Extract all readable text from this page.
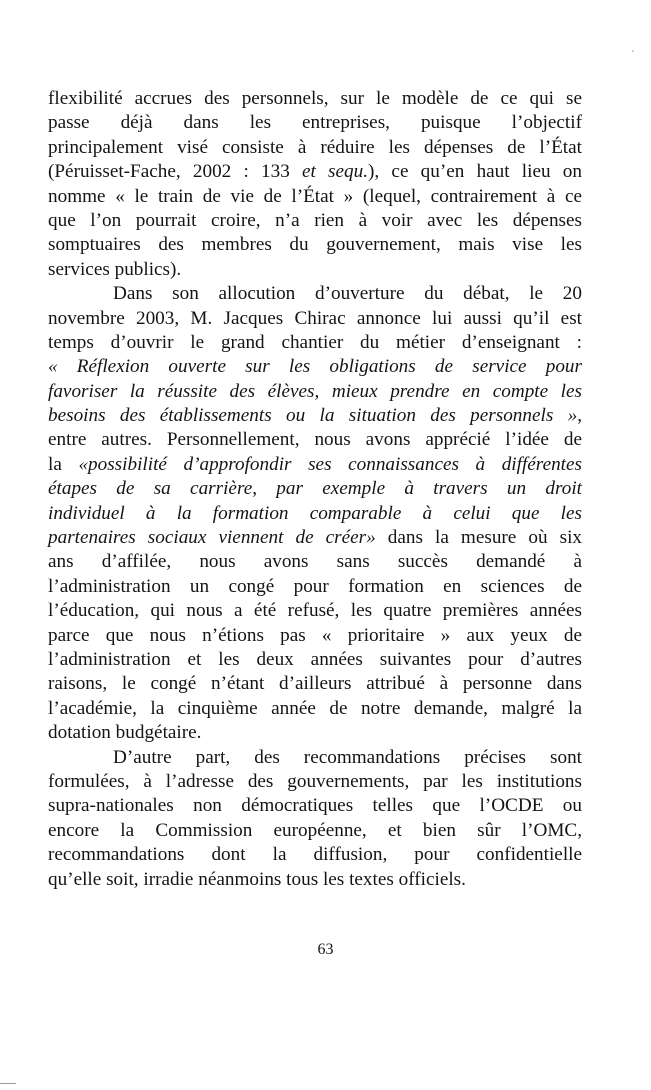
flexibilité accrues des personnels, sur le modèle de ce qui se
passe déjà dans les entreprises, puisque l’objectif
principalement visé consiste à réduire les dépenses de l’État
(Péruisset-Fache, 2002 : 133 et sequ.), ce qu’en haut lieu on
nomme « le train de vie de l’État » (lequel, contrairement à ce
que l’on pourrait croire, n’a rien à voir avec les dépenses
somptuaires des membres du gouvernement, mais vise les
services publics).
Dans son allocution d’ouverture du débat, le 20
novembre 2003, M. Jacques Chirac annonce lui aussi qu’il est
temps d’ouvrir le grand chantier du métier d’enseignant :
« Réflexion ouverte sur les obligations de service pour
favoriser la réussite des élèves, mieux prendre en compte les
besoins des établissements ou la situation des personnels »,
entre autres. Personnellement, nous avons apprécié l’idée de
la «possibilité d’approfondir ses connaissances à différentes
étapes de sa carrière, par exemple à travers un droit
individuel à la formation comparable à celui que les
partenaires sociaux viennent de créer» dans la mesure où six
ans d’affilée, nous avons sans succès demandé à
l’administration un congé pour formation en sciences de
l’éducation, qui nous a été refusé, les quatre premières années
parce que nous n’étions pas « prioritaire » aux yeux de
l’administration et les deux années suivantes pour d’autres
raisons, le congé n’étant d’ailleurs attribué à personne dans
l’académie, la cinquième année de notre demande, malgré la
dotation budgétaire.
D’autre part, des recommandations précises sont
formulées, à l’adresse des gouvernements, par les institutions
supra-nationales non démocratiques telles que l’OCDE ou
encore la Commission européenne, et bien sûr l’OMC,
recommandations dont la diffusion, pour confidentielle
qu’elle soit, irradie néanmoins tous les textes officiels.
63
